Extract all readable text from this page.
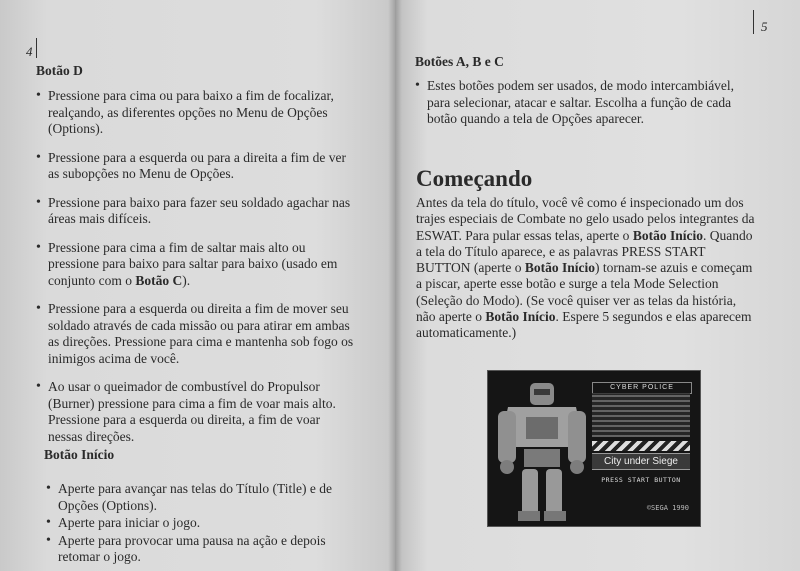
4
Botão D
• Pressione para cima ou para baixo a fim de focalizar, realçando, as diferentes opções no Menu de Opções (Options).
• Pressione para a esquerda ou para a direita a fim de ver as subopções no Menu de Opções.
• Pressione para baixo para fazer seu soldado agachar nas áreas mais difíceis.
• Pressione para cima a fim de saltar mais alto ou pressione para baixo para saltar para baixo (usado em conjunto com o Botão C).
• Pressione para a esquerda ou direita a fim de mover seu soldado através de cada missão ou para atirar em ambas as direções. Pressione para cima e mantenha sob fogo os inimigos acima de você.
• Ao usar o queimador de combustível do Propulsor (Burner) pressione para cima a fim de voar mais alto. Pressione para a esquerda ou direita, a fim de voar nessas direções.
Botão Início
• Aperte para avançar nas telas do Título (Title) e de Opções (Options).
• Aperte para iniciar o jogo.
• Aperte para provocar uma pausa na ação e depois retomar o jogo.
5
Botões A, B e C
• Estes botões podem ser usados, de modo intercambiável, para selecionar, atacar e saltar. Escolha a função de cada botão quando a tela de Opções aparecer.
Começando

Antes da tela do título, você vê como é inspecionado um dos trajes especiais de Combate no gelo usado pelos integrantes da ESWAT. Para pular essas telas, aperte o Botão Início. Quando a tela do Título aparece, e as palavras PRESS START BUTTON (aperte o Botão Início) tornam-se azuis e começam a piscar, aperte esse botão e surge a tela Mode Selection (Seleção do Modo). (Se você quiser ver as telas da história, não aperte o Botão Início. Espere 5 segundos e elas aparecem automaticamente.)

CYBER POLICE
City under Siege
PRESS START BUTTON
©SEGA 1990
